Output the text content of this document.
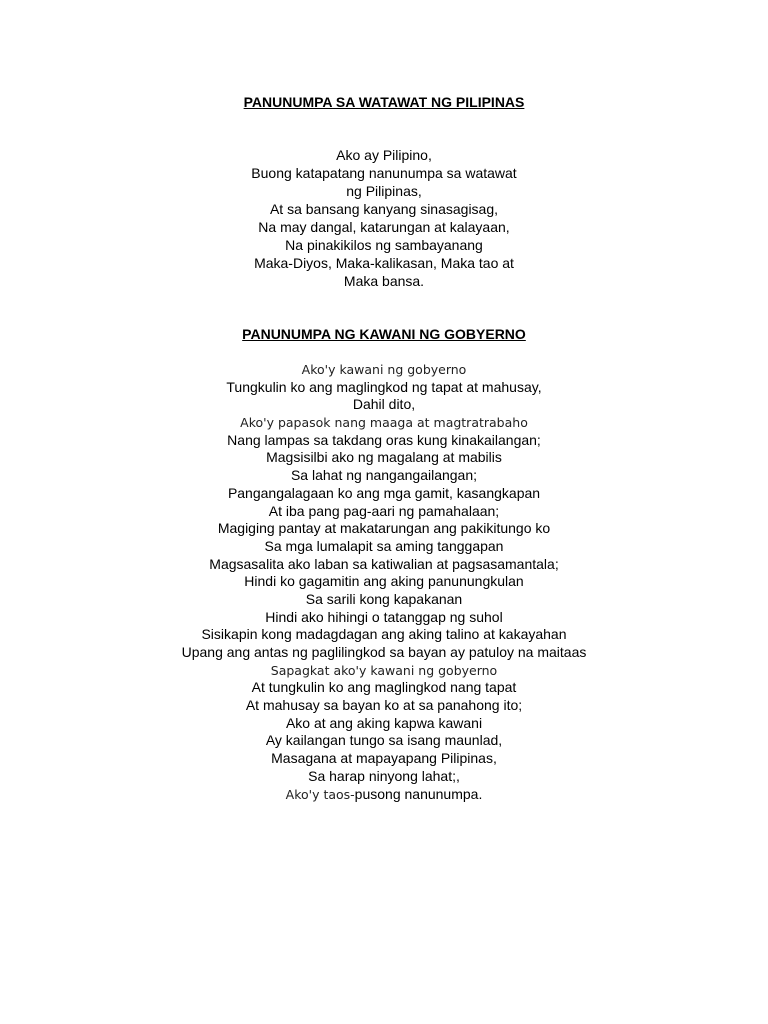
PANUNUMPA SA WATAWAT NG PILIPINAS
Ako ay Pilipino,
Buong katapatang nanunumpa sa watawat
ng Pilipinas,
At sa bansang kanyang sinasagisag,
Na may dangal, katarungan at kalayaan,
Na pinakikilos ng sambayanang
Maka-Diyos, Maka-kalikasan, Maka tao at
Maka bansa.
PANUNUMPA NG KAWANI NG GOBYERNO
Ako'y kawani ng gobyerno
Tungkulin ko ang maglingkod ng tapat at mahusay,
Dahil dito,
Ako'y papasok nang maaga at magtratrabaho
Nang lampas sa takdang oras kung kinakailangan;
Magsisilbi ako ng magalang at mabilis
Sa lahat ng nangangailangan;
Pangangalagaan ko ang mga gamit, kasangkapan
At iba pang pag-aari ng pamahalaan;
Magiging pantay at makatarungan ang pakikitungo ko
Sa mga lumalapit sa aming tanggapan
Magsasalita ako laban sa katiwalian at pagsasamantala;
Hindi ko gagamitin ang aking panunungkulan
Sa sarili kong kapakanan
Hindi ako hihingi o tatanggap ng suhol
Sisikapin kong madagdagan ang aking talino at kakayahan
Upang ang antas ng paglilingkod sa bayan ay patuloy na maitaas
Sapagkat ako'y kawani ng gobyerno
At tungkulin ko ang maglingkod nang tapat
At mahusay sa bayan ko at sa panahong ito;
Ako at ang aking kapwa kawani
Ay kailangan tungo sa isang maunlad,
Masagana at mapayapang Pilipinas,
Sa harap ninyong lahat;,
Ako'y taos-pusong nanunumpa.
